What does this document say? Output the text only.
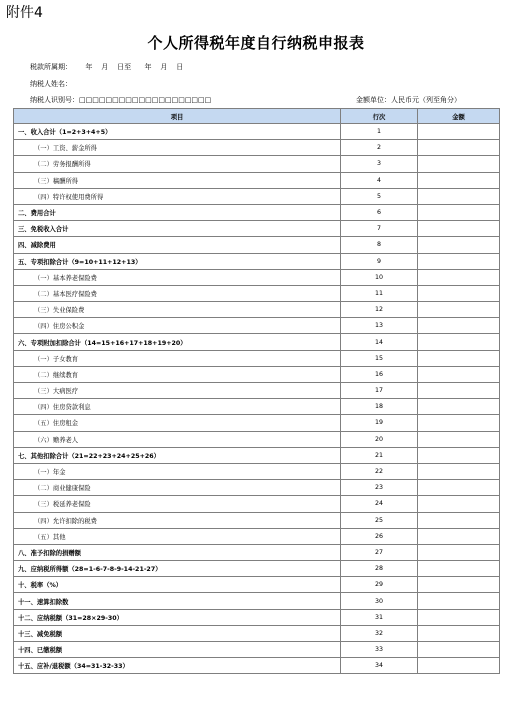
附件4
个人所得税年度自行纳税申报表
税款所属期：      年    月    日至      年    月    日
纳税人姓名：
纳税人识别号：□□□□□□□□□□□□□□□□□□□□	金额单位：人民币元（列至角分）
项目	行次	金额
一、收入合计（1=2+3+4+5）	1	
（一）工资、薪金所得	2	
（二）劳务报酬所得	3	
（三）稿酬所得	4	
（四）特许权使用费所得	5	
二、费用合计	6	
三、免税收入合计	7	
四、减除费用	8	
五、专项扣除合计（9=10+11+12+13）	9	
（一）基本养老保险费	10	
（二）基本医疗保险费	11	
（三）失业保险费	12	
（四）住房公积金	13	
六、专项附加扣除合计（14=15+16+17+18+19+20）	14	
（一）子女教育	15	
（二）继续教育	16	
（三）大病医疗	17	
（四）住房贷款利息	18	
（五）住房租金	19	
（六）赡养老人	20	
七、其他扣除合计（21=22+23+24+25+26）	21	
（一）年金	22	
（二）商业健康保险	23	
（三）税延养老保险	24	
（四）允许扣除的税费	25	
（五）其他	26	
八、准予扣除的捐赠额	27	
九、应纳税所得额（28=1-6-7-8-9-14-21-27）	28	
十、税率（%）	29	
十一、速算扣除数	30	
十二、应纳税额（31=28×29-30）	31	
十三、减免税额	32	
十四、已缴税额	33	
十五、应补/退税额（34=31-32-33）	34	
